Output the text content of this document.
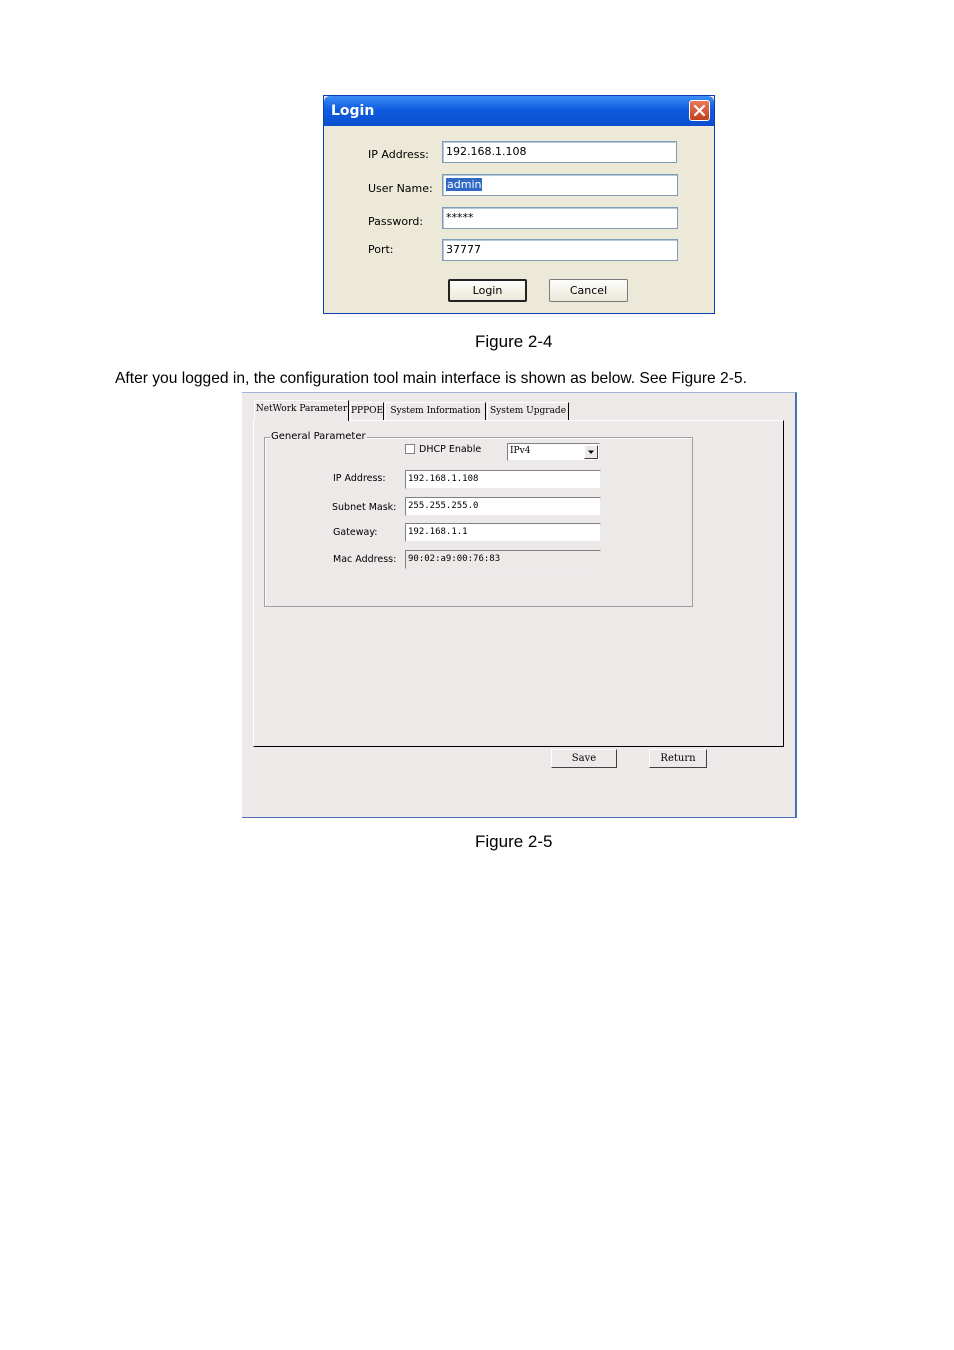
Login
IP Address:	192.168.1.108
User Name:	admin
Password:	*****
Port:	37777
Login	Cancel
Figure 2-4
After you logged in, the configuration tool main interface is shown as below. See Figure 2-5.
NetWork Parameter PPPOE System Information	System Upgrade
General Parameter
DHCP Enable	IPv4
IP Address:	192.168.1.108
Subnet Mask:	255.255.255.0
Gateway:	192.168.1.1
Mac Address:	90:02:a9:00:76:83
Save	Return
Figure 2-5
